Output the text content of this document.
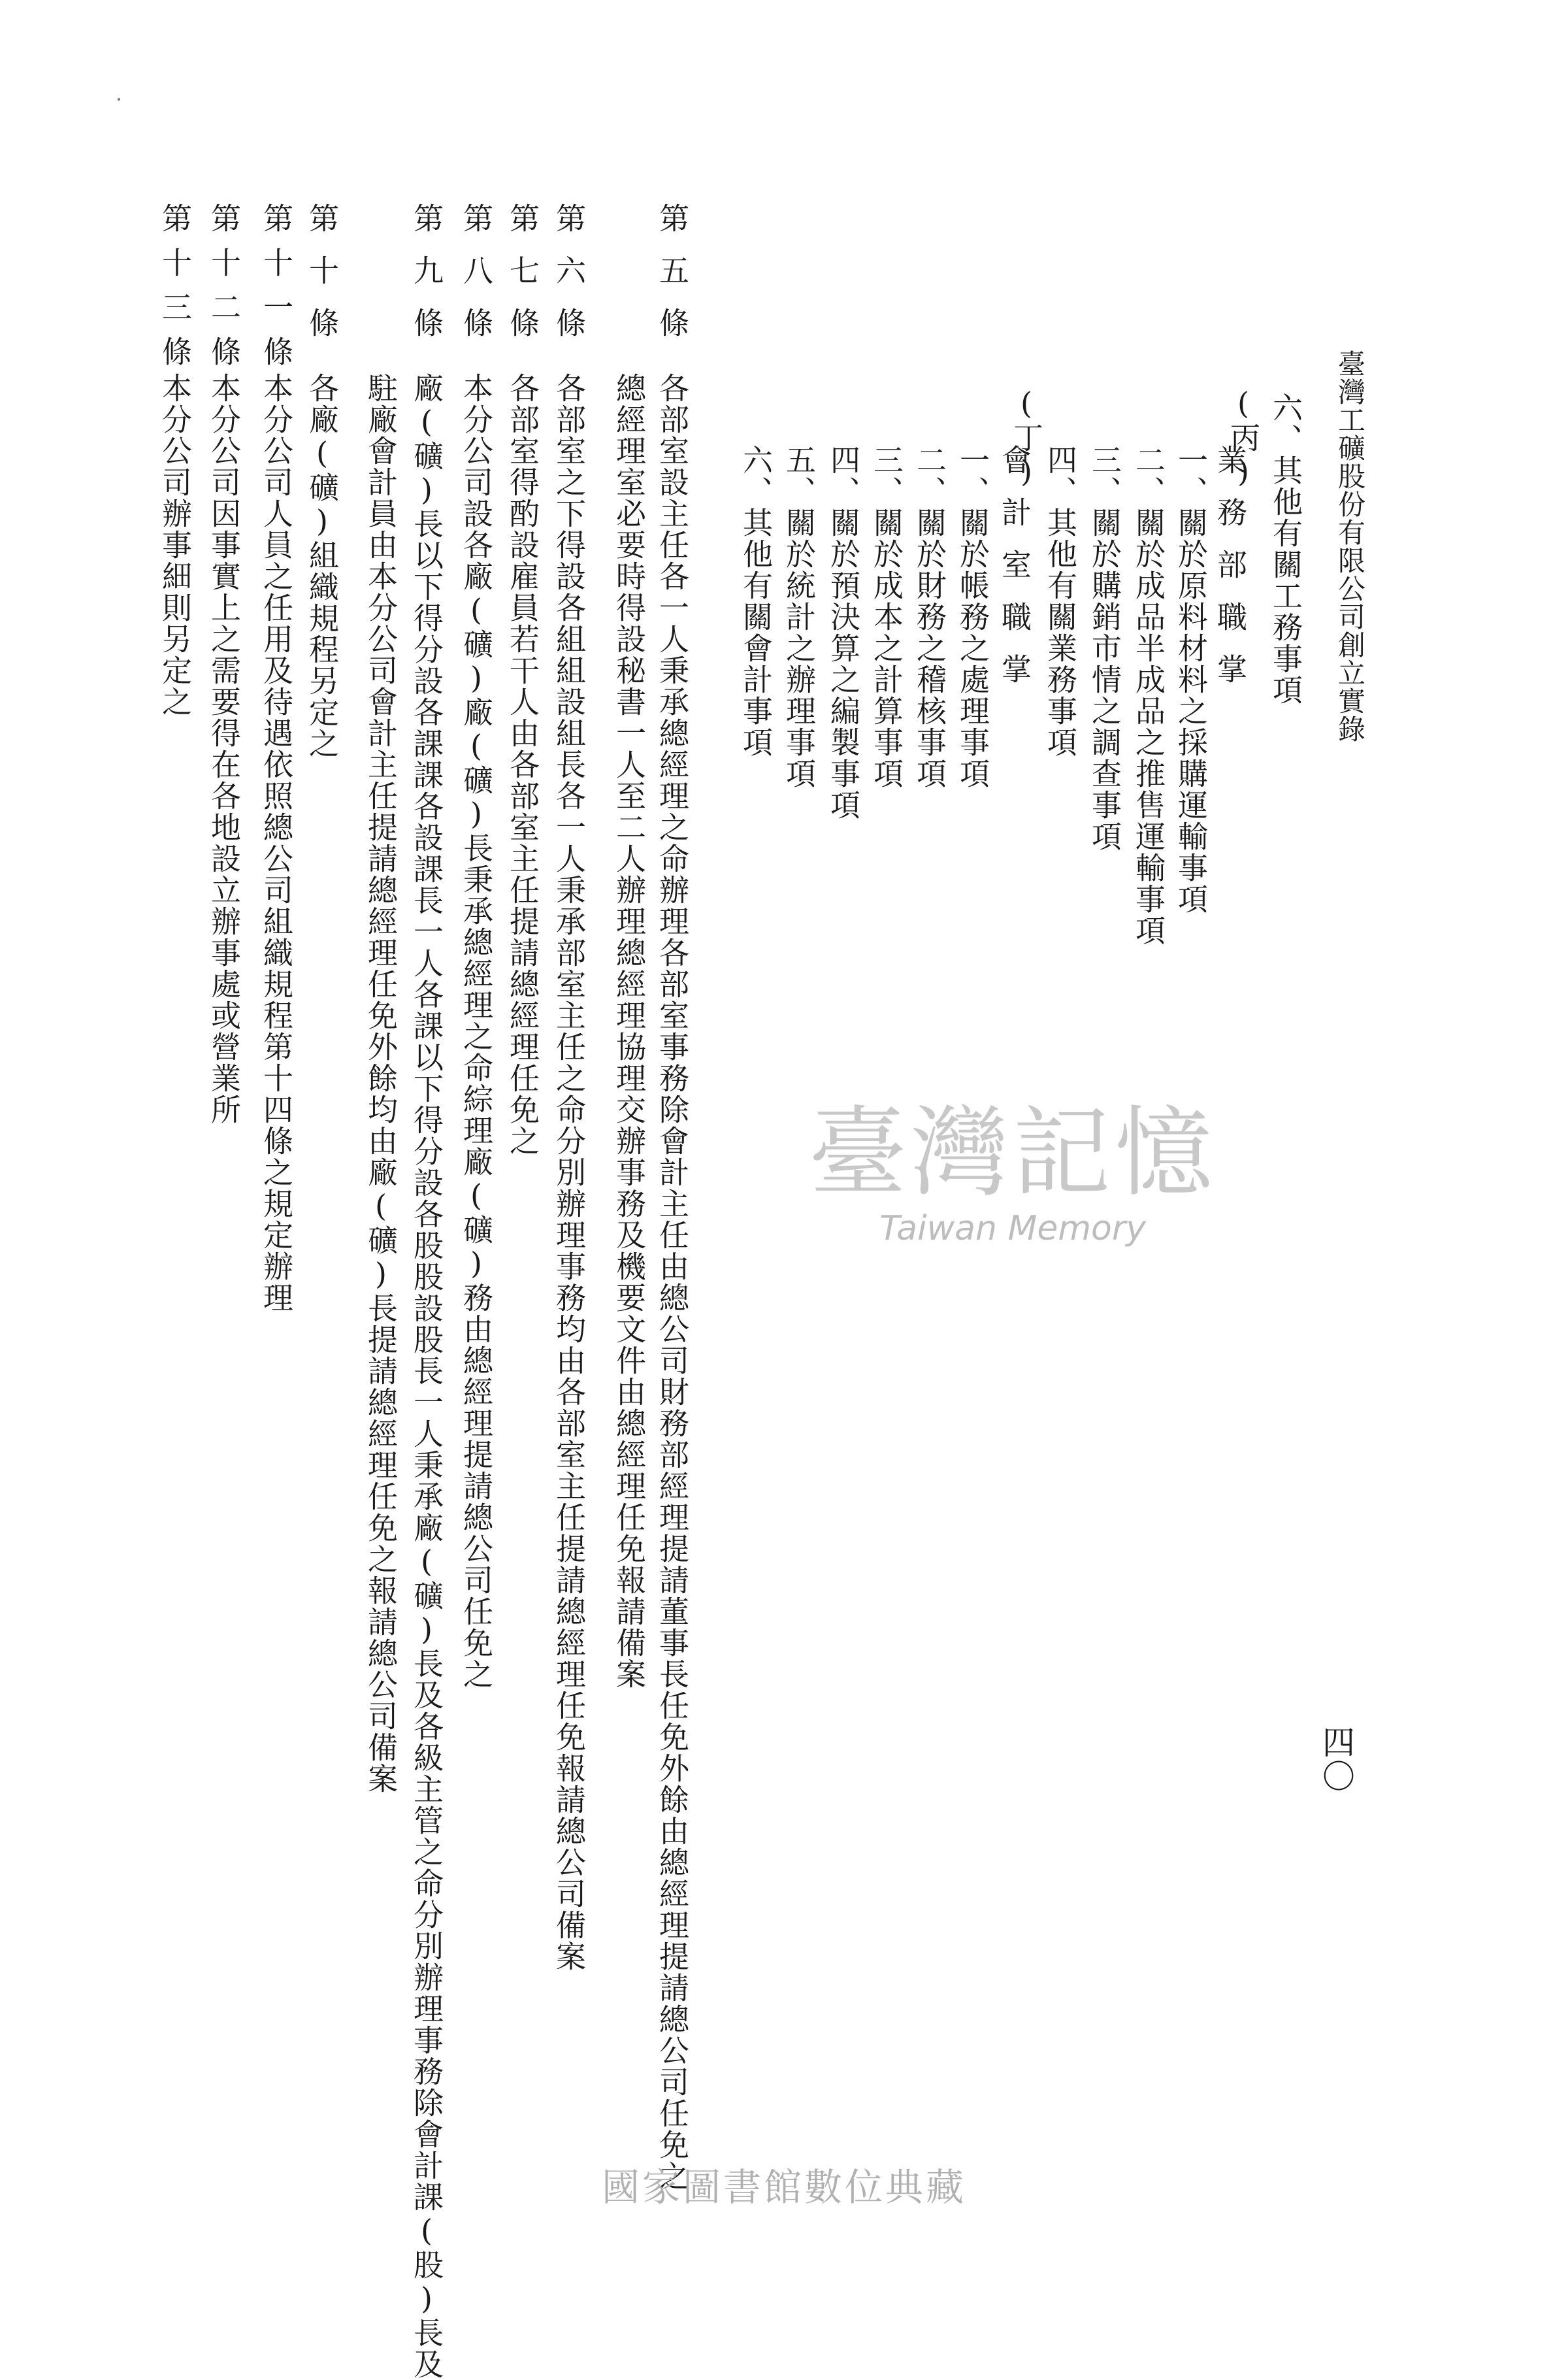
臺灣工礦股份有限公司創立實錄
四〇
六、其他有關工務事項
(丙)
業務部職掌
一、關於原料材料之採購運輸事項
二、關於成品半成品之推售運輸事項
三、關於購銷市情之調查事項
四、其他有關業務事項
(丁)
會計室職掌
一、關於帳務之處理事項
二、關於財務之稽核事項
三、關於成本之計算事項
四、關於預決算之編製事項
五、關於統計之辦理事項
六、其他有關會計事項
第五條
各部室設主任各一人秉承總經理之命辦理各部室事務除會計主任由總公司財務部經理提請董事長任免外餘由總經理提請總公司任免之
總經理室必要時得設秘書一人至二人辦理總經理協理交辦事務及機要文件由總經理任免報請備案
第六條
各部室之下得設各組組設組長各一人秉承部室主任之命分別辦理事務均由各部室主任提請總經理任免報請總公司備案
第七條
各部室得酌設雇員若干人由各部室主任提請總經理任免之
第八條
本分公司設各廠(礦)廠(礦)長秉承總經理之命綜理廠(礦)務由總經理提請總公司任免之
第九條
廠(礦)長以下得分設各課課各設課長一人各課以下得分設各股股設股長一人秉承廠(礦)長及各級主管之命分別辦理事務除會計課(股)長及
駐廠會計員由本分公司會計主任提請總經理任免外餘均由廠(礦)長提請總經理任免之報請總公司備案
第十條
各廠(礦)組織規程另定之
第十一條
本分公司人員之任用及待遇依照總公司組織規程第十四條之規定辦理
第十二條
本分公司因事實上之需要得在各地設立辦事處或營業所
第十三條
本分公司辦事細則另定之
臺灣記憶
Taiwan Memory
國家圖書館數位典藏
